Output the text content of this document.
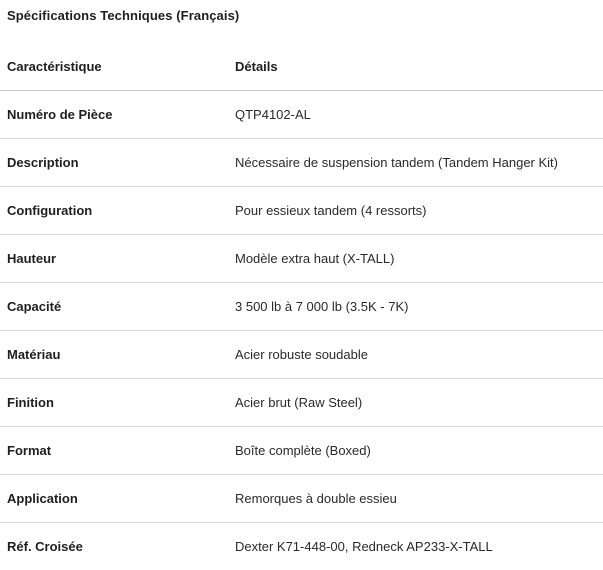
Spécifications Techniques (Français)
Caractéristique	Détails
Numéro de Pièce	QTP4102-AL
Description	Nécessaire de suspension tandem (Tandem Hanger Kit)
Configuration	Pour essieux tandem (4 ressorts)
Hauteur	Modèle extra haut (X-TALL)
Capacité	3 500 lb à 7 000 lb (3.5K - 7K)
Matériau	Acier robuste soudable
Finition	Acier brut (Raw Steel)
Format	Boîte complète (Boxed)
Application	Remorques à double essieu
Réf. Croisée	Dexter K71-448-00, Redneck AP233-X-TALL
